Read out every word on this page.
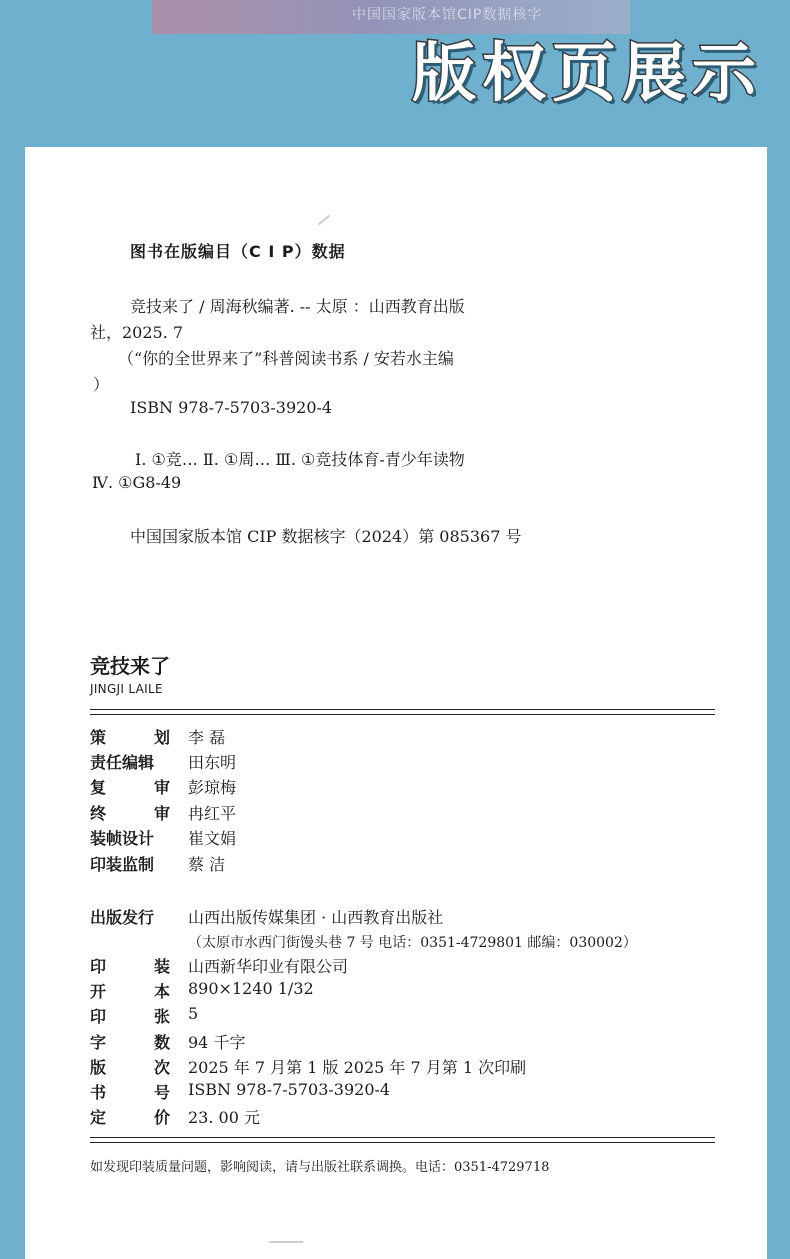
中国国家版本馆CIP数据核字
版权页展示
图书在版编目（C I P）数据
竞技来了 / 周海秋编著. -- 太原 ：山西教育出版
社，2025. 7
（“你的全世界来了”科普阅读书系 / 安若水主编
）
ISBN 978-7-5703-3920-4
Ⅰ. ①竞… Ⅱ. ①周… Ⅲ. ①竞技体育-青少年读物
Ⅳ. ①G8-49
中国国家版本馆 CIP 数据核字（2024）第 085367 号
竞技来了
JINGJI LAILE
策	划 李 磊
责任编辑	田东明
复	审 彭琼梅
终	审 冉红平
装帧设计	崔文娟
印装监制	蔡 洁
出版发行	山西出版传媒集团 · 山西教育出版社
（太原市水西门街馒头巷 7 号 电话：0351-4729801 邮编：030002）
印	装 山西新华印业有限公司
开	本 890×1240 1/32
印	张 5
字	数 94 千字
版	次 2025 年 7 月第 1 版 2025 年 7 月第 1 次印刷
书	号 ISBN 978-7-5703-3920-4
定	价 23. 00 元
如发现印装质量问题，影响阅读，请与出版社联系调换。电话：0351-4729718
